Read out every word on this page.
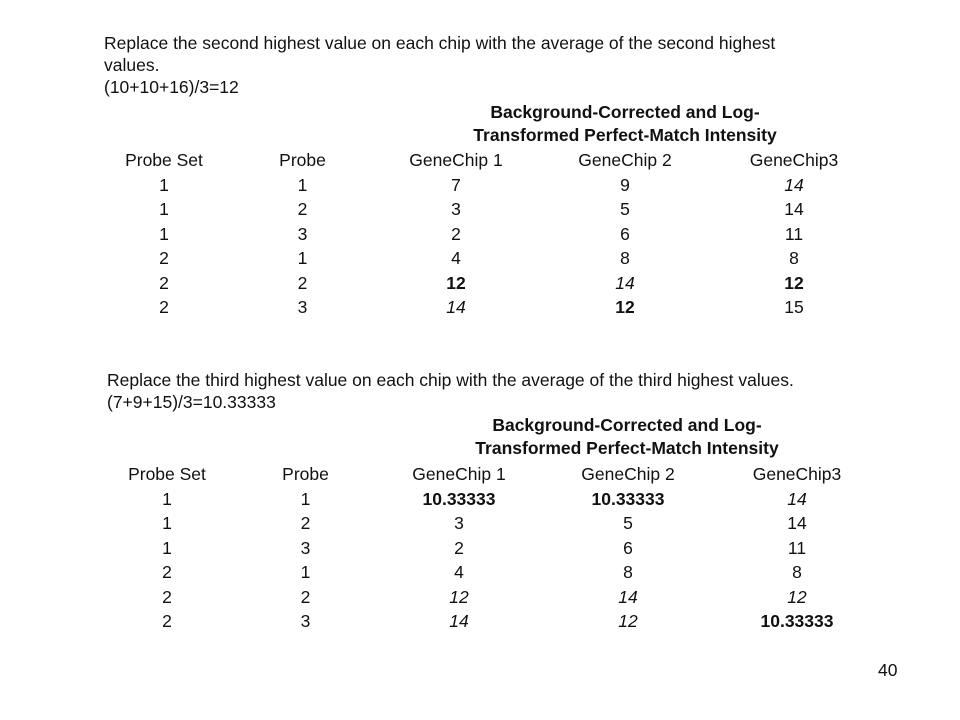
Replace the second highest value on each chip with the average of the second highest
values.
(10+10+16)/3=12
Background-Corrected and Log-
Transformed Perfect-Match Intensity
Probe Set	Probe	GeneChip 1	GeneChip 2	GeneChip3
1	1	7	9	14
1	2	3	5	14
1	3	2	6	11
2	1	4	8	8
2	2	12	14	12
2	3	14	12	15
Replace the third highest value on each chip with the average of the third highest values.
(7+9+15)/3=10.33333
Background-Corrected and Log-
Transformed Perfect-Match Intensity
Probe Set	Probe	GeneChip 1	GeneChip 2	GeneChip3
1	1	10.33333	10.33333	14
1	2	3	5	14
1	3	2	6	11
2	1	4	8	8
2	2	12	14	12
2	3	14	12	10.33333
40
